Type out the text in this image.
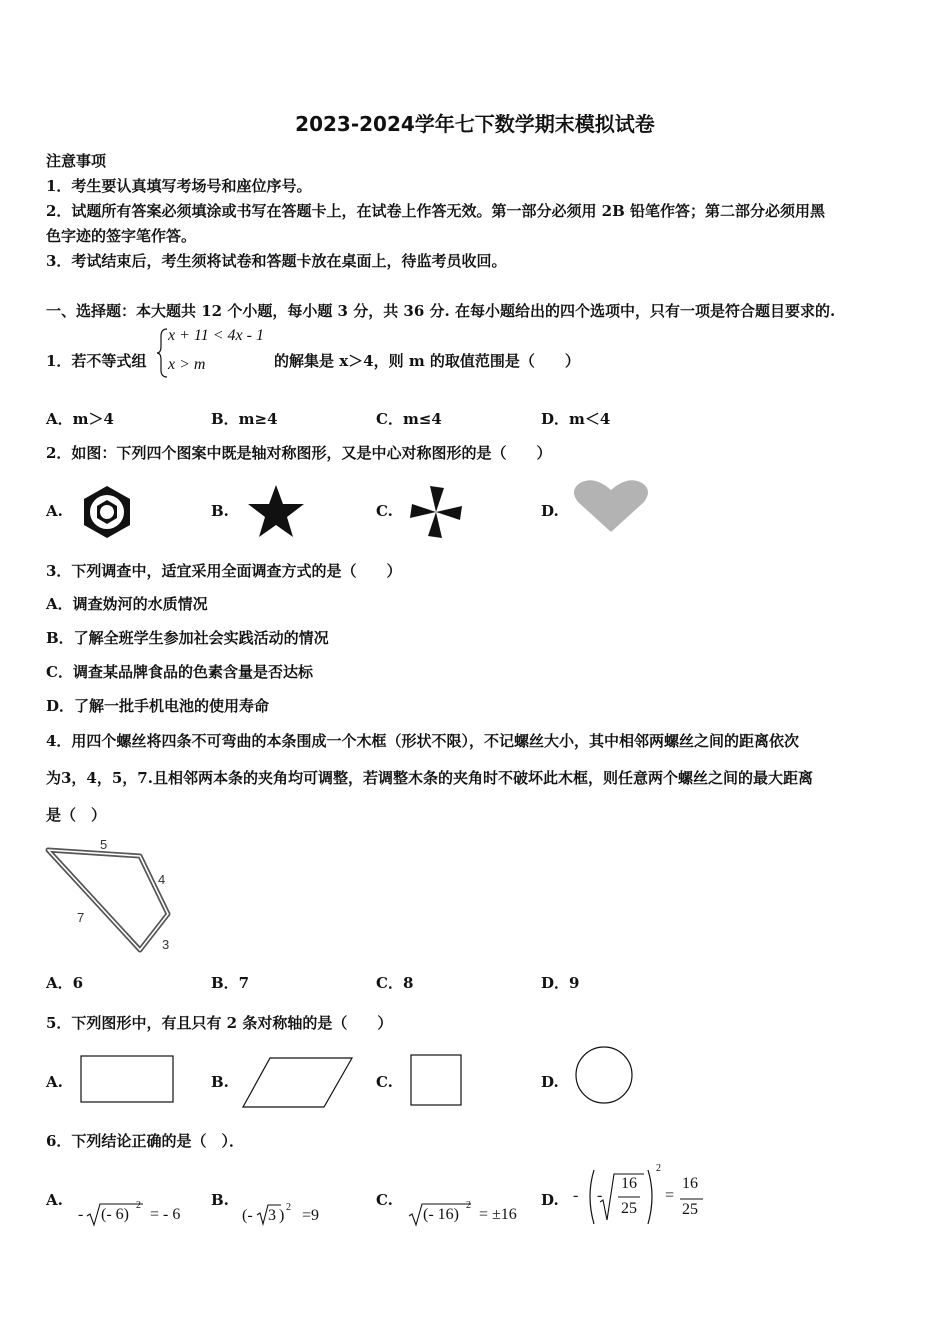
2023-2024学年七下数学期末模拟试卷
注意事项
1．考生要认真填写考场号和座位序号。
2．试题所有答案必须填涂或书写在答题卡上，在试卷上作答无效。第一部分必须用 2B 铅笔作答；第二部分必须用黑
色字迹的签字笔作答。
3．考试结束后，考生须将试卷和答题卡放在桌面上，待监考员收回。
一、选择题：本大题共 12 个小题，每小题 3 分，共 36 分. 在每小题给出的四个选项中，只有一项是符合题目要求的.
1．若不等式组
x + 11 < 4x - 1
x > m	的解集是 x＞4，则 m 的取值范围是（　　）
A．m＞4	B．m≥4	C．m≤4	D．m＜4
2．如图：下列四个图案中既是轴对称图形，又是中心对称图形的是（　　）
A.	B.	C.	D.
3．下列调查中，适宜采用全面调查方式的是（　　）
A．调查妫河的水质情况
B．了解全班学生参加社会实践活动的情况
C．调查某品牌食品的色素含量是否达标
D．了解一批手机电池的使用寿命
4．用四个螺丝将四条不可弯曲的本条围成一个木框（形状不限），不记螺丝大小，其中相邻两螺丝之间的距离依次
为3，4，5，7.且相邻两本条的夹角均可调整，若调整木条的夹角时不破坏此木框，则任意两个螺丝之间的最大距离
是（　）
5
4
7
3
A．6	B．7	C．8	D．9
5．下列图形中，有且只有 2 条对称轴的是（　　）
A.	B.	C.	D.
6．下列结论正确的是（　）．
A.
- (- 6)
2
= - 6
B.
(- 3 ) 2 =9
C.
(- 16)
2
= ±16
D. - -
16
25
2
=
16
25
